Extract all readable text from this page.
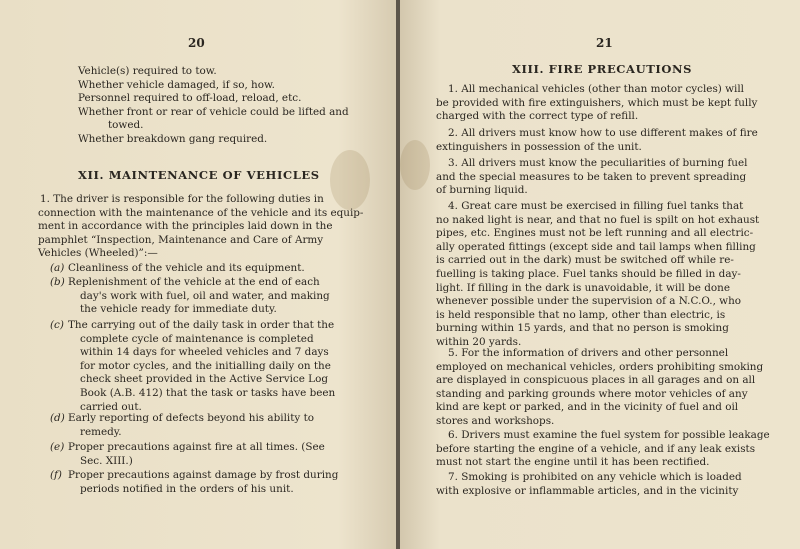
20
Vehicle(s) required to tow.
Whether vehicle damaged, if so, how.
Personnel required to off-load, reload, etc.
Whether front or rear of vehicle could be lifted and
towed.
Whether breakdown gang required.
XII. MAINTENANCE OF VEHICLES
1. The driver is responsible for the following duties in
connection with the maintenance of the vehicle and its equip-
ment in accordance with the principles laid down in the
pamphlet “Inspection, Maintenance and Care of Army
Vehicles (Wheeled)”:—
(a) Cleanliness of the vehicle and its equipment.
(b) Replenishment of the vehicle at the end of each
day's work with fuel, oil and water, and making
the vehicle ready for immediate duty.
(c) The carrying out of the daily task in order that the
complete cycle of maintenance is completed
within 14 days for wheeled vehicles and 7 days
for motor cycles, and the initialling daily on the
check sheet provided in the Active Service Log
Book (A.B. 412) that the task or tasks have been
carried out.
(d) Early reporting of defects beyond his ability to
remedy.
(e) Proper precautions against fire at all times. (See
Sec. XIII.)
(f) Proper precautions against damage by frost during
periods notified in the orders of his unit.
21
XIII. FIRE PRECAUTIONS
1. All mechanical vehicles (other than motor cycles) will
be provided with fire extinguishers, which must be kept fully
charged with the correct type of refill.
2. All drivers must know how to use different makes of fire
extinguishers in possession of the unit.
3. All drivers must know the peculiarities of burning fuel
and the special measures to be taken to prevent spreading
of burning liquid.
4. Great care must be exercised in filling fuel tanks that
no naked light is near, and that no fuel is spilt on hot exhaust
pipes, etc. Engines must not be left running and all electric-
ally operated fittings (except side and tail lamps when filling
is carried out in the dark) must be switched off while re-
fuelling is taking place. Fuel tanks should be filled in day-
light. If filling in the dark is unavoidable, it will be done
whenever possible under the supervision of a N.C.O., who
is held responsible that no lamp, other than electric, is
burning within 15 yards, and that no person is smoking
within 20 yards.
5. For the information of drivers and other personnel
employed on mechanical vehicles, orders prohibiting smoking
are displayed in conspicuous places in all garages and on all
standing and parking grounds where motor vehicles of any
kind are kept or parked, and in the vicinity of fuel and oil
stores and workshops.
6. Drivers must examine the fuel system for possible leakage
before starting the engine of a vehicle, and if any leak exists
must not start the engine until it has been rectified.
7. Smoking is prohibited on any vehicle which is loaded
with explosive or inflammable articles, and in the vicinity
